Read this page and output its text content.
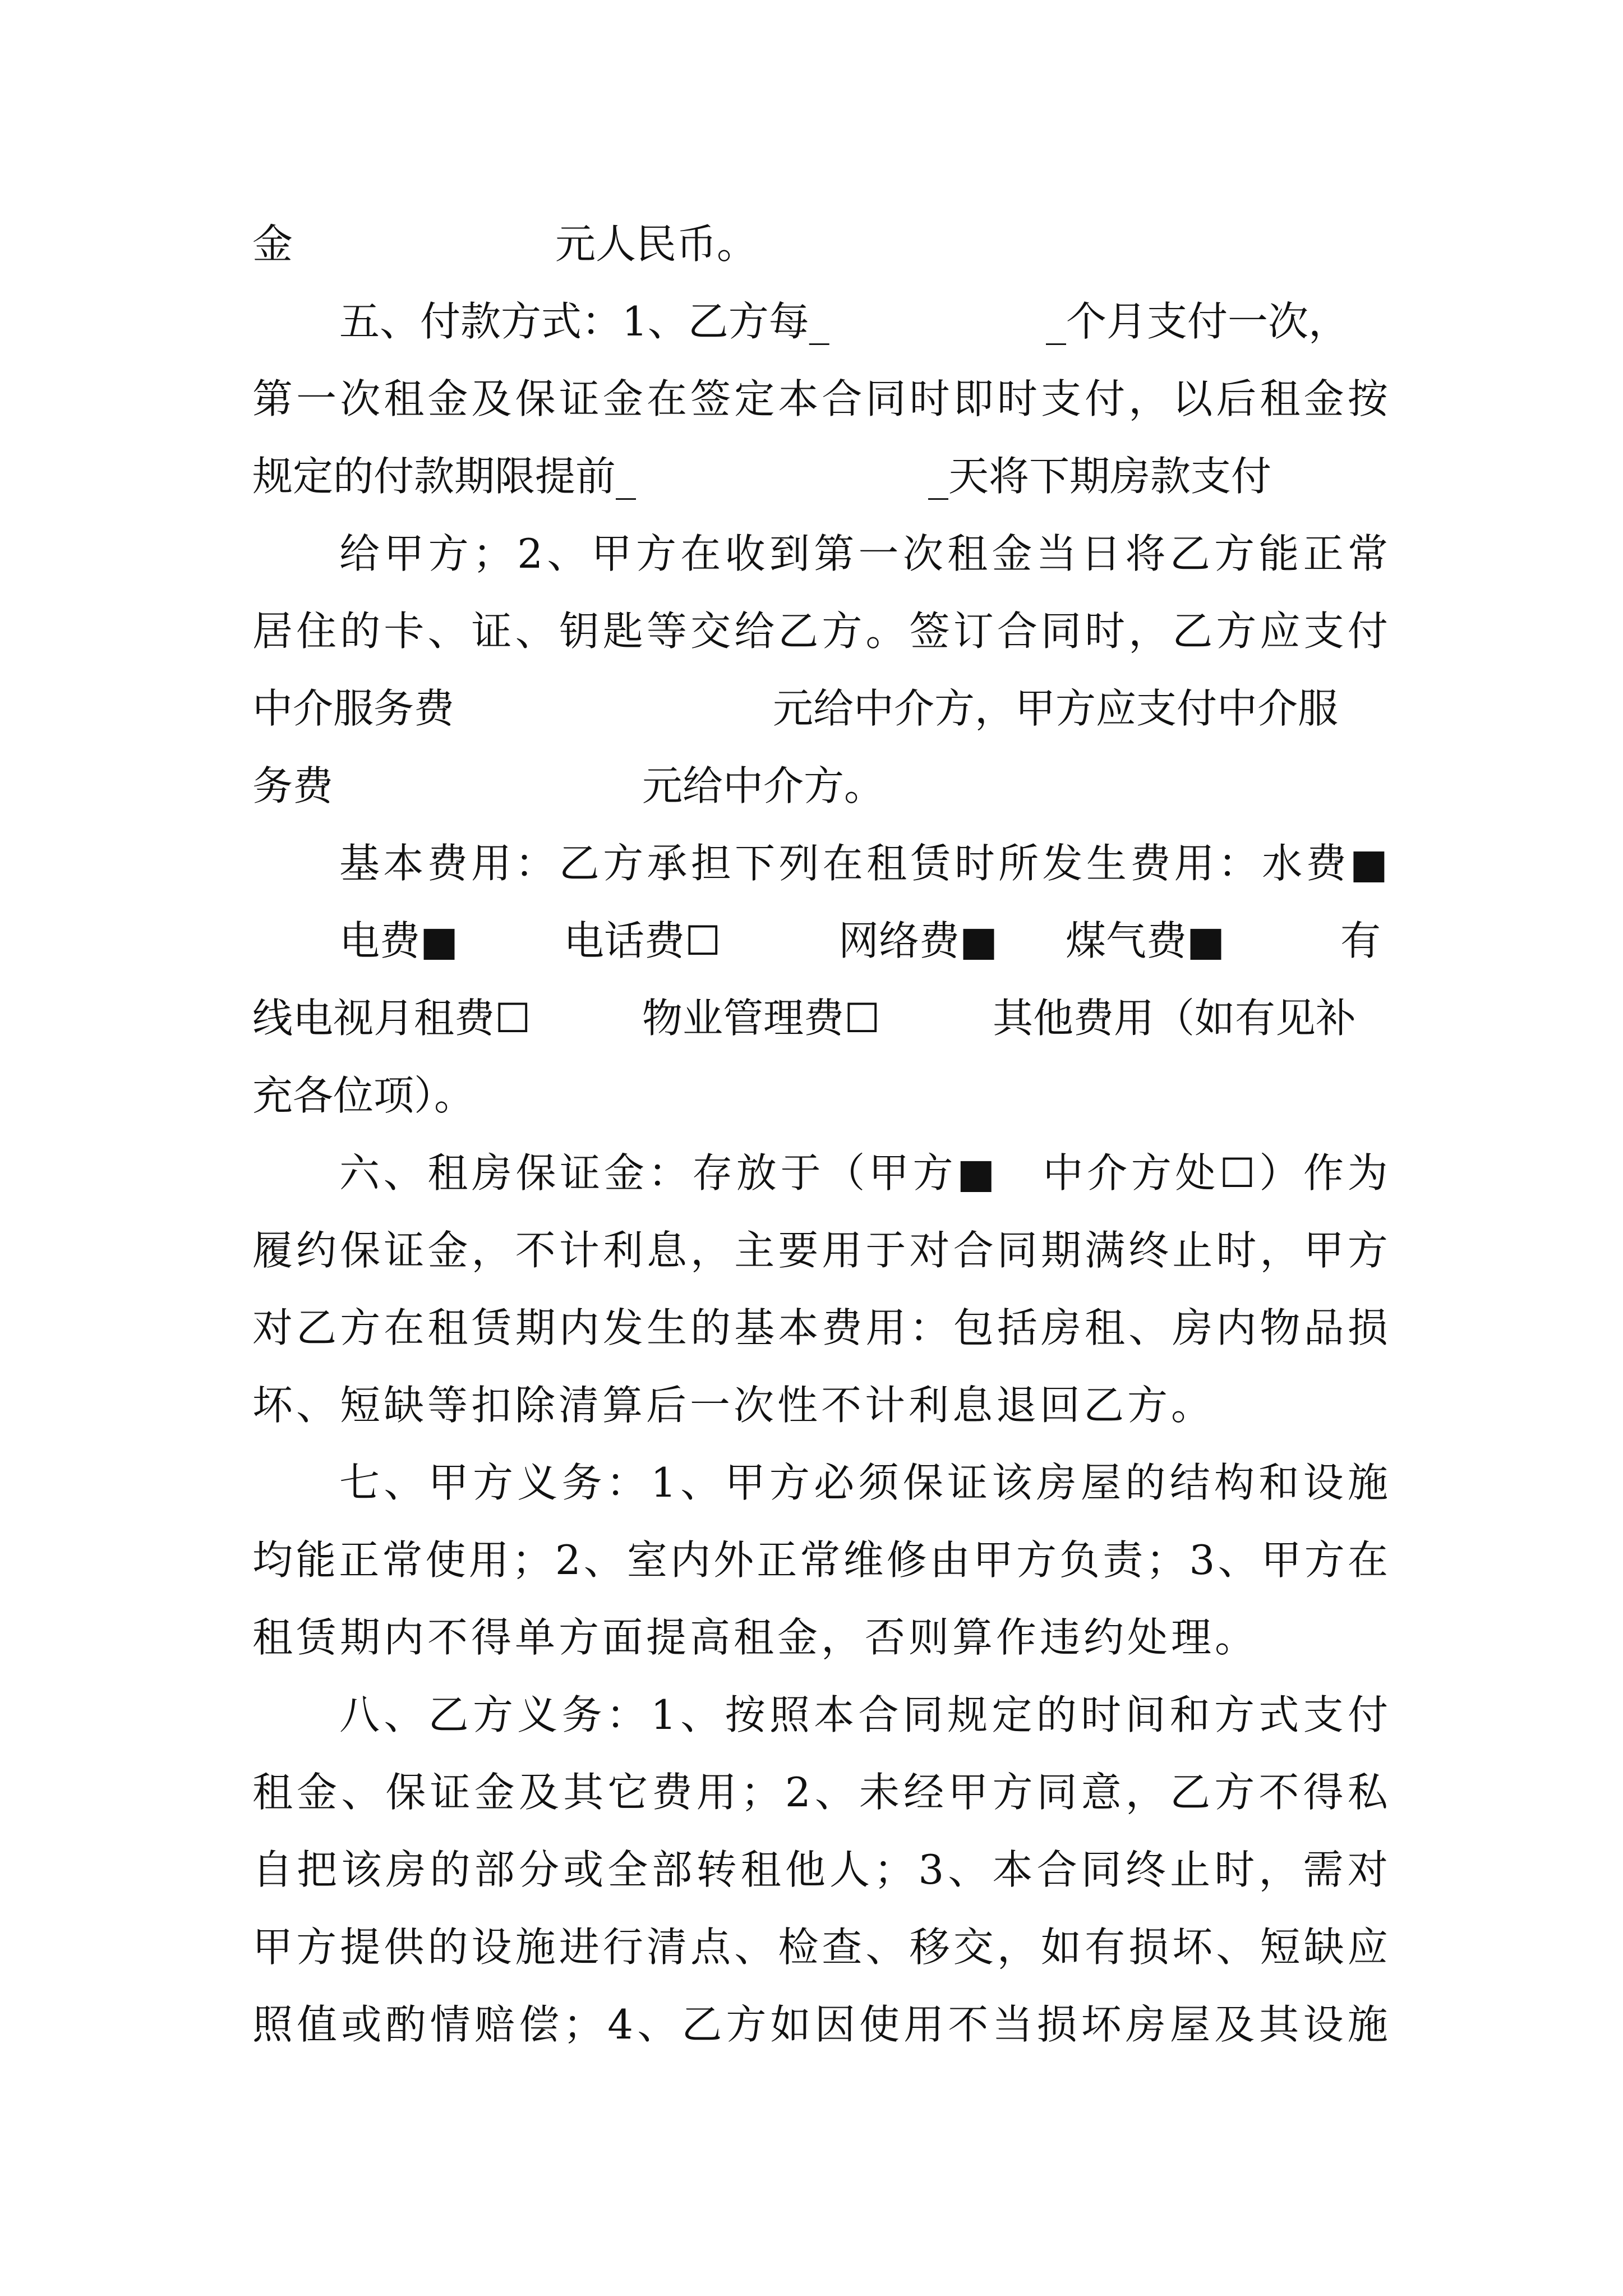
金

	元人民币。

五、付款方式：1、乙方每_

	_个月支付一次，

第 一 次 租 金 及 保 证 金 在 签 定 本 合 同 时 即 时 支 付 ， 以 后 租 金 按

规定的付款期限提前_

	_天将下期房款支付

给 甲 方 ； 2 、 甲 方 在 收 到 第 一 次 租 金 当 日 将 乙 方 能 正 常
居 住 的 卡 、 证 、 钥 匙 等 交 给 乙 方 。 签 订 合 同 时 ， 乙 方 应 支 付

中介服务费

	元给中介方，甲方应支付中介服

务费

	元给中介方。

基 本 费 用 ： 乙 方 承 担 下 列 在 租 赁 时 所 发 生 费 用 ： 水 费 ■

电费■

	电话费☐

	网络费■

煤气费■

	有

线电视月租费☐

	物业管理费☐

	其他费用（如有见补

充各位项）。

六 、 租 房 保 证 金 ： 存 放 于 （ 甲 方 ■
　 中 介 方 处 ☐ ） 作 为
履 约 保 证 金 ， 不 计 利 息 ， 主 要 用 于 对 合 同 期 满 终 止 时 ， 甲 方
对 乙 方 在 租 赁 期 内 发 生 的 基 本 费 用 ： 包 括 房 租 、 房 内 物 品 损

坏、短缺等扣除清算后一次性不计利息退回乙方。

七 、 甲 方 义 务 ： 1 、 甲 方 必 须 保 证 该 房 屋 的 结 构 和 设 施
均 能 正 常 使 用 ； 2 、 室 内 外 正 常 维 修 由 甲 方 负 责 ； 3 、 甲 方 在

租赁期内不得单方面提高租金，否则算作违约处理。

八 、 乙 方 义 务 ： 1 、 按 照 本 合 同 规 定 的 时 间 和 方 式 支 付
租 金 、 保 证 金 及 其 它 费 用 ； 2 、 未 经 甲 方 同 意 ， 乙 方 不 得 私
自 把 该 房 的 部 分 或 全 部 转 租 他 人 ； 3 、 本 合 同 终 止 时 ， 需 对
甲 方 提 供 的 设 施 进 行 清 点 、 检 查 、 移 交 ， 如 有 损 坏 、 短 缺 应
照 值 或 酌 情 赔 偿 ； 4 、 乙 方 如 因 使 用 不 当 损 坏 房 屋 及 其 设 施
